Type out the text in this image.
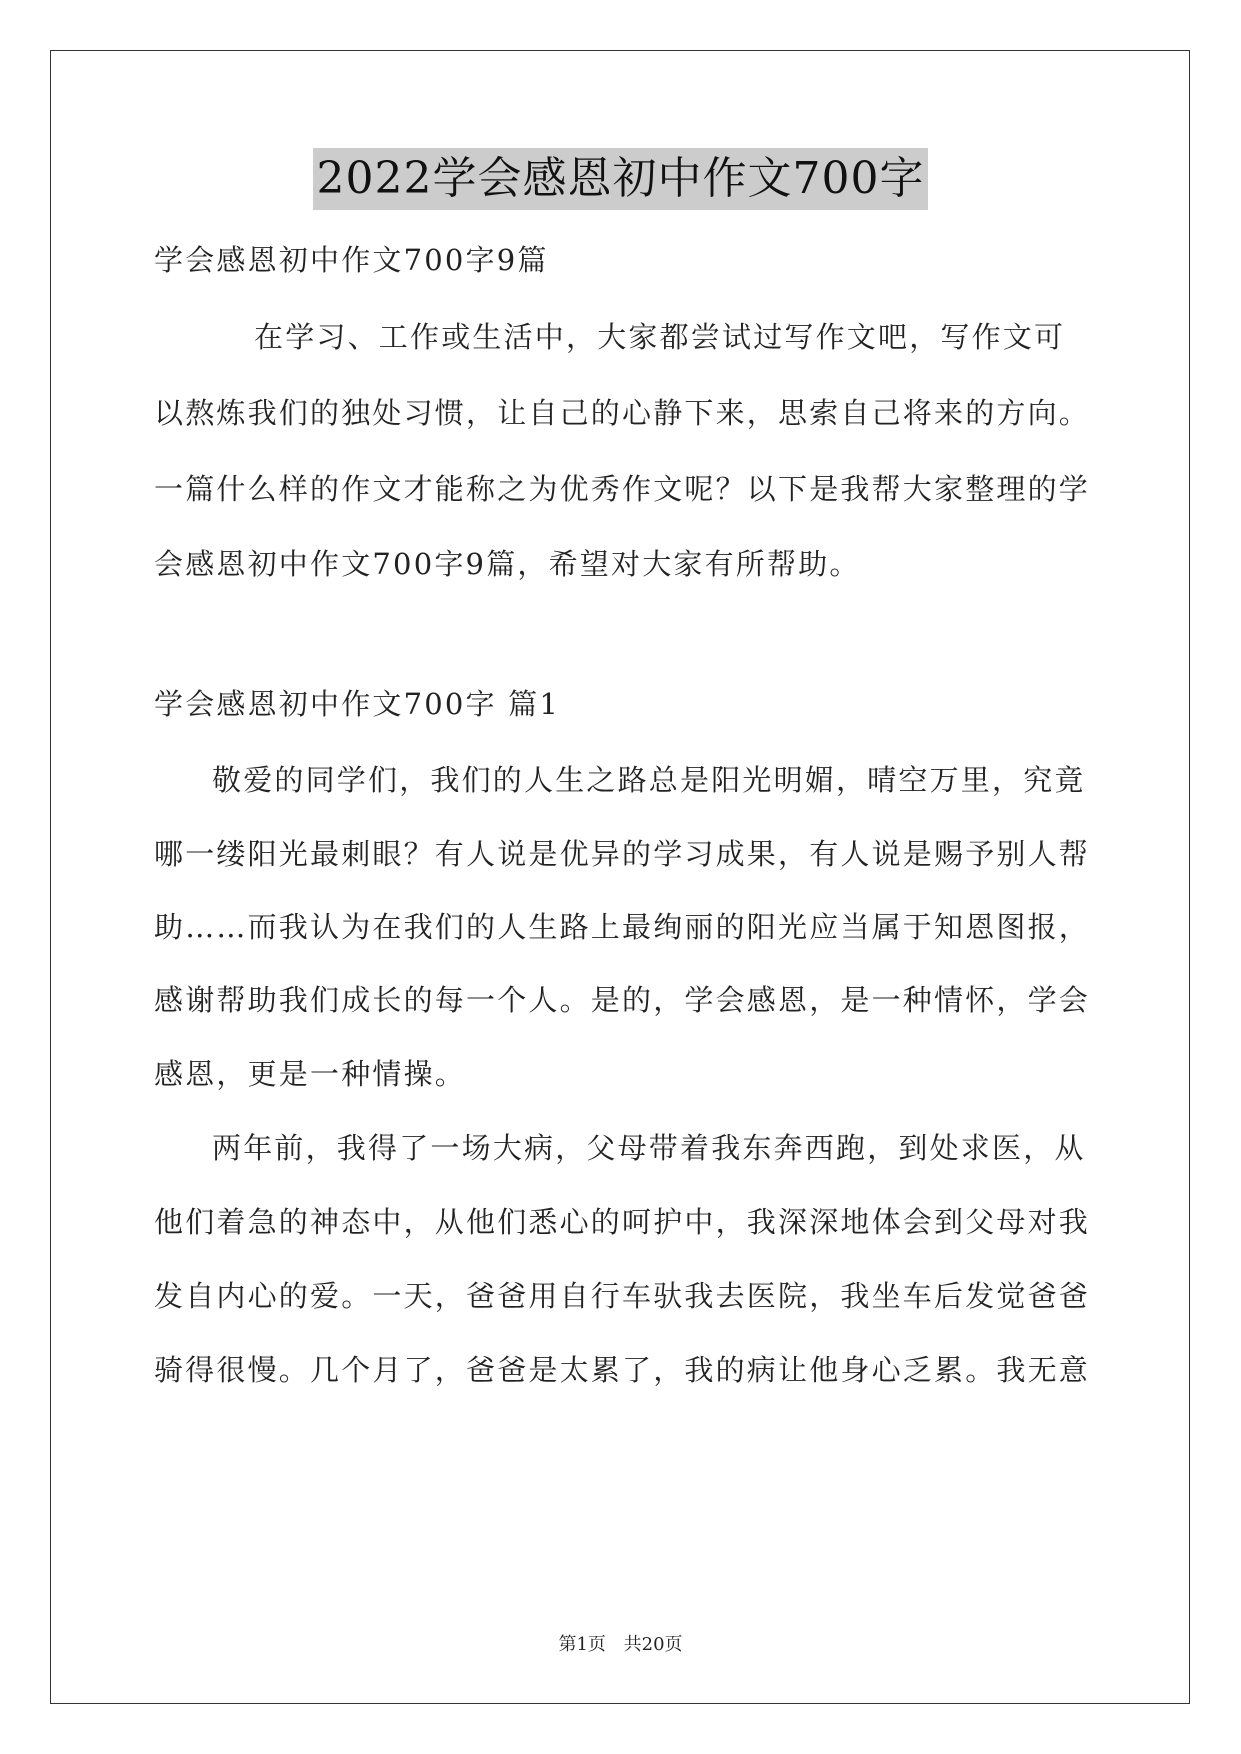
2022学会感恩初中作文700字
学会感恩初中作文700字9篇
在学习、工作或生活中，大家都尝试过写作文吧，写作文可
以熬炼我们的独处习惯，让自己的心静下来，思索自己将来的方向。
一篇什么样的作文才能称之为优秀作文呢？以下是我帮大家整理的学
会感恩初中作文700字9篇，希望对大家有所帮助。
学会感恩初中作文700字 篇1
敬爱的同学们，我们的人生之路总是阳光明媚，晴空万里，究竟
哪一缕阳光最刺眼？有人说是优异的学习成果，有人说是赐予别人帮
助……而我认为在我们的人生路上最绚丽的阳光应当属于知恩图报，
感谢帮助我们成长的每一个人。是的，学会感恩，是一种情怀，学会
感恩，更是一种情操。
两年前，我得了一场大病，父母带着我东奔西跑，到处求医，从
他们着急的神态中，从他们悉心的呵护中，我深深地体会到父母对我
发自内心的爱。一天，爸爸用自行车驮我去医院，我坐车后发觉爸爸
骑得很慢。几个月了，爸爸是太累了，我的病让他身心乏累。我无意
第1页 共20页
